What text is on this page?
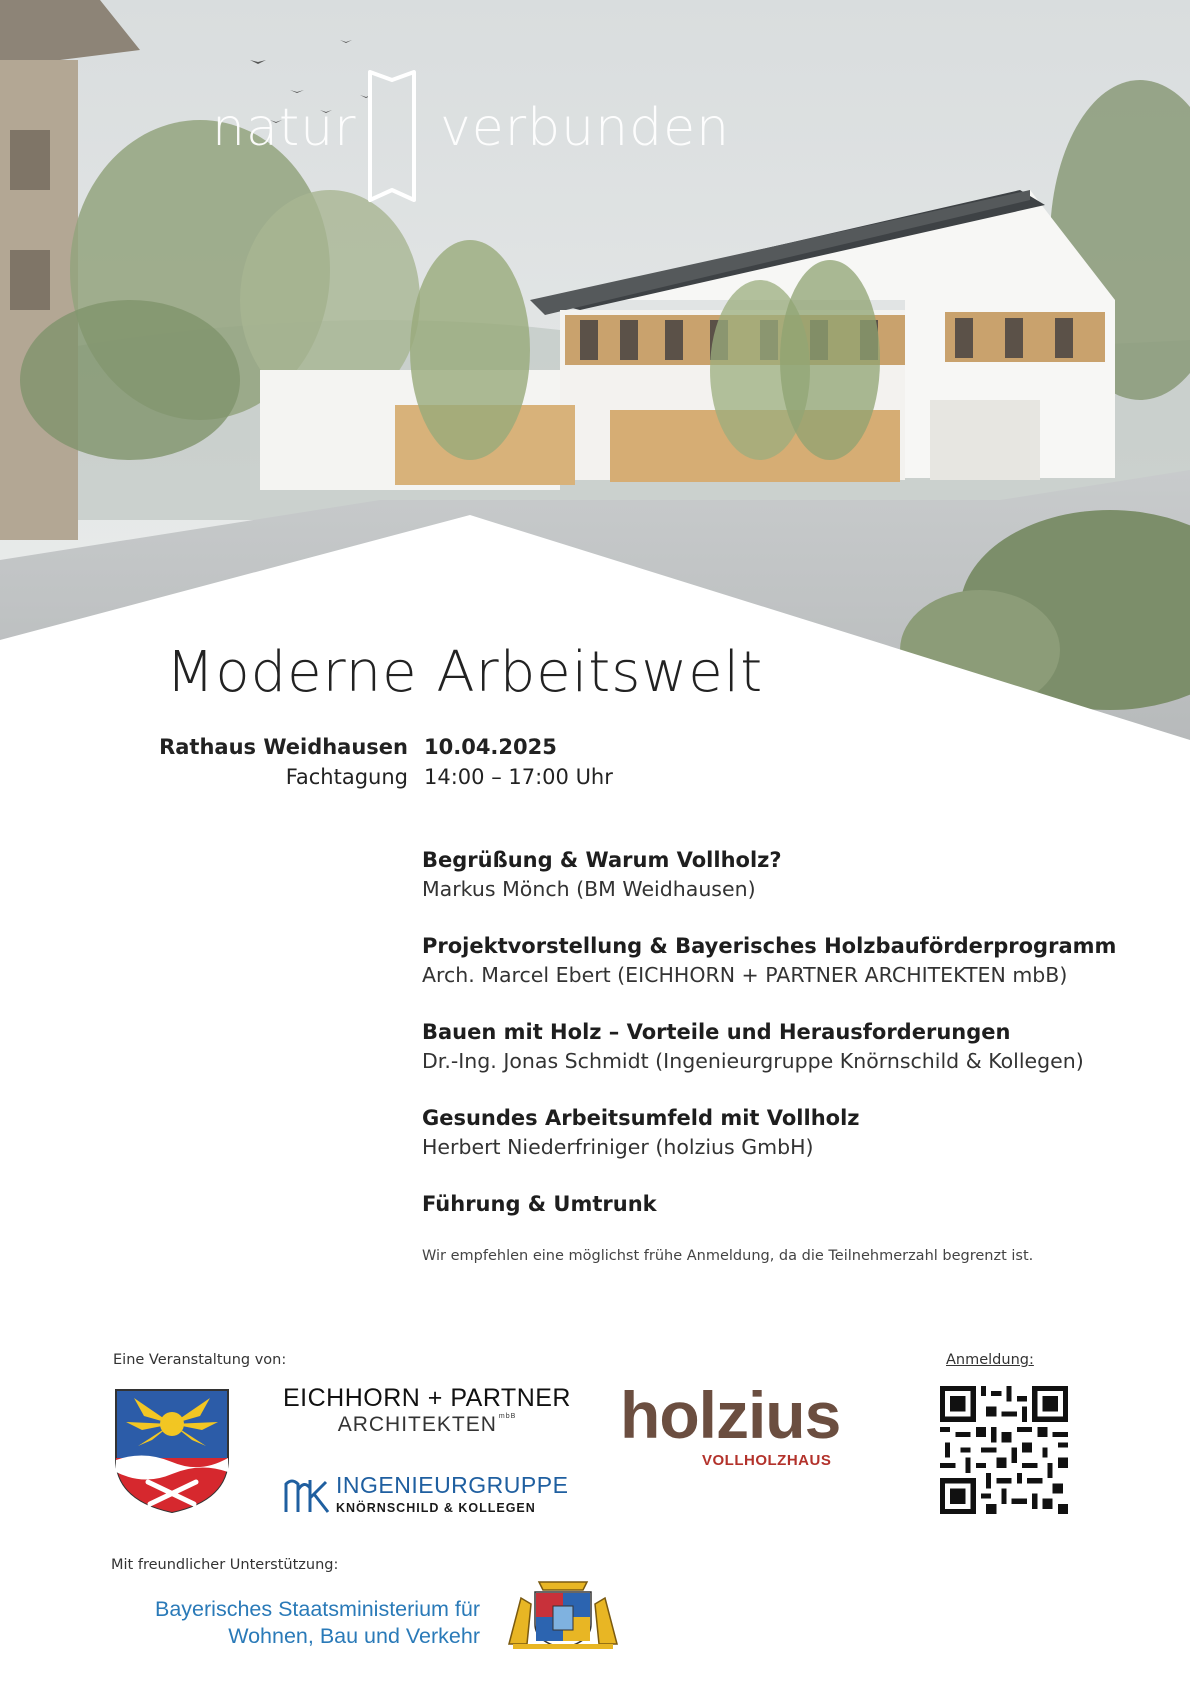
natur verbunden
Moderne Arbeitswelt
Rathaus Weidhausen
Fachtagung
10.04.2025
14:00 – 17:00 Uhr
Begrüßung & Warum Vollholz?
Markus Mönch (BM Weidhausen)
Projektvorstellung & Bayerisches Holzbauförderprogramm
Arch. Marcel Ebert (EICHHORN + PARTNER ARCHITEKTEN mbB)
Bauen mit Holz – Vorteile und Herausforderungen
Dr.-Ing. Jonas Schmidt (Ingenieurgruppe Knörnschild & Kollegen)
Gesundes Arbeitsumfeld mit Vollholz
Herbert Niederfriniger (holzius GmbH)
Führung & Umtrunk
Wir empfehlen eine möglichst frühe Anmeldung, da die Teilnehmerzahl begrenzt ist.
Eine Veranstaltung von:
EICHHORN + PARTNER
ARCHITEKTEN $^{mbB}$
INGENIEURGRUPPE
KNÖRNSCHILD & KOLLEGEN
holzius
VOLLHOLZHAUS
Anmeldung:
Mit freundlicher Unterstützung:
Bayerisches Staatsministerium für
Wohnen, Bau und Verkehr
